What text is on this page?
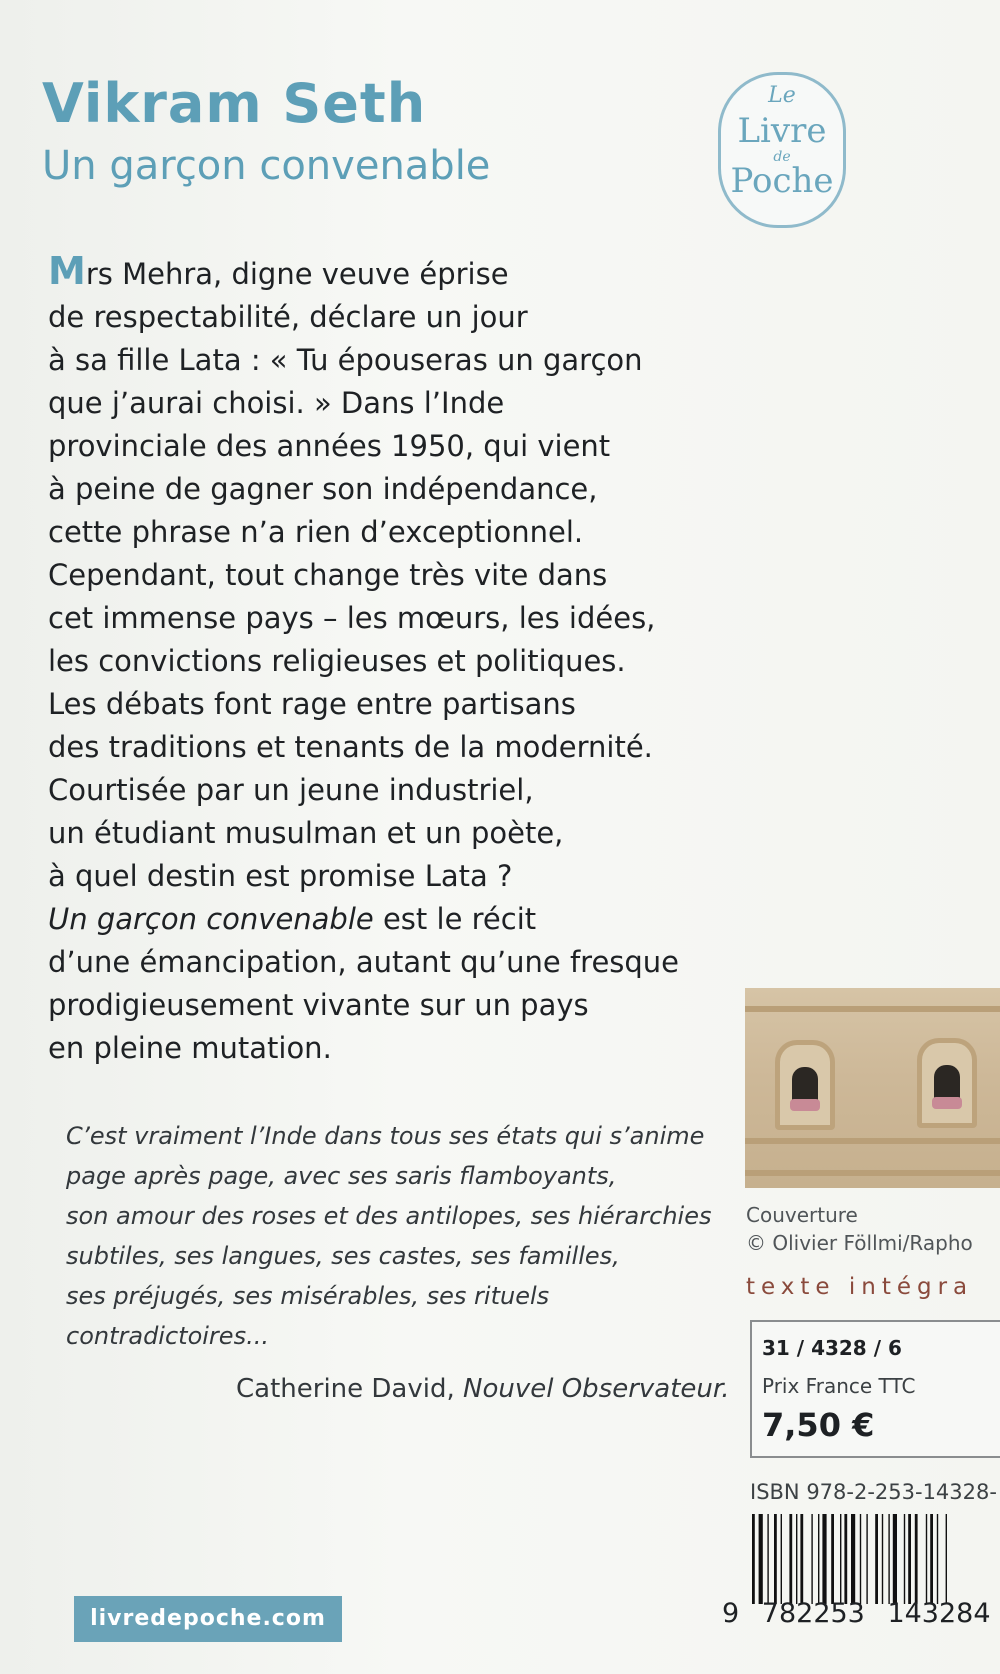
Vikram Seth
Un garçon convenable
Le
Livre
de
Poche

Mrs Mehra, digne veuve éprise
de respectabilité, déclare un jour
à sa fille Lata : « Tu épouseras un garçon
que j’aurai choisi. » Dans l’Inde
provinciale des années 1950, qui vient
à peine de gagner son indépendance,
cette phrase n’a rien d’exceptionnel.
Cependant, tout change très vite dans
cet immense pays – les mœurs, les idées,
les convictions religieuses et politiques.
Les débats font rage entre partisans
des traditions et tenants de la modernité.
Courtisée par un jeune industriel,
un étudiant musulman et un poète,
à quel destin est promise Lata ?
Un garçon convenable est le récit
d’une émancipation, autant qu’une fresque
prodigieusement vivante sur un pays
en pleine mutation.

C’est vraiment l’Inde dans tous ses états qui s’anime
page après page, avec ses saris flamboyants,
son amour des roses et des antilopes, ses hiérarchies
subtiles, ses langues, ses castes, ses familles,
ses préjugés, ses misérables, ses rituels
contradictoires...

Catherine David, Nouvel Observateur.
Couverture
© Olivier Föllmi/Rapho
texte intégra
31 / 4328 / 6
Prix France TTC
7,50 €
ISBN 978-2-253-14328-
9 782253 143284
livredepoche.com
